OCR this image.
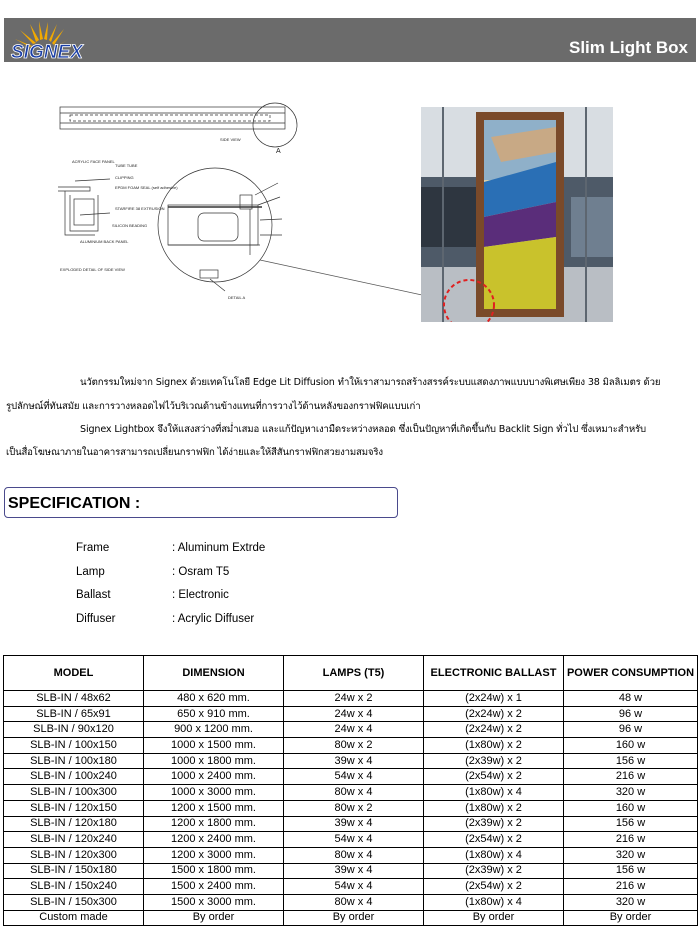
SIGNEX	Slim Light Box
SIDE VIEW
A
ACRYLIC FACE PANEL
TUBE TUBE
CLIPPING
EPDM FOAM SEAL (self adhesive)
STARFIRE 38 EXTRUSION
SILICON BEADING
ALUMINIUM BACK PANEL
EXPLODED DETAIL OF SIDE VIEW
DETAIL A
นวัตกรรมใหม่จาก Signex ด้วยเทคโนโลยี Edge Lit Diffusion ทำให้เราสามารถสร้างสรรค์ระบบแสดงภาพแบบบางพิเศษเพียง 38 มิลลิเมตร ด้วย
รูปลักษณ์ที่ทันสมัย และการวางหลอดไฟไว้บริเวณด้านข้างแทนที่การวางไว้ด้านหลังของกราฟฟิคแบบเก่า
Signex Lightbox จึงให้แสงสว่างที่สม่ำเสมอ และแก้ปัญหาเงามืดระหว่างหลอด ซึ่งเป็นปัญหาที่เกิดขึ้นกับ Backlit Sign ทั่วไป ซึ่งเหมาะสำหรับ
เป็นสื่อโฆษณาภายในอาคารสามารถเปลี่ยนกราฟฟิก ได้ง่ายและให้สีสันกราฟฟิกสวยงามสมจริง
SPECIFICATION :
Frame	: Aluminum Extrde
Lamp	: Osram T5
Ballast	: Electronic
Diffuser	: Acrylic Diffuser
MODEL	DIMENSION	LAMPS (T5)	ELECTRONIC BALLAST	POWER CONSUMPTION
SLB-IN / 48x62	480 x 620 mm.	24w x 2	(2x24w) x 1	48 w
SLB-IN / 65x91	650 x 910 mm.	24w x 4	(2x24w) x 2	96 w
SLB-IN / 90x120	900 x 1200 mm.	24w x 4	(2x24w) x 2	96 w
SLB-IN / 100x150	1000 x 1500 mm.	80w x 2	(1x80w) x 2	160 w
SLB-IN / 100x180	1000 x 1800 mm.	39w x 4	(2x39w) x 2	156 w
SLB-IN / 100x240	1000 x 2400 mm.	54w x 4	(2x54w) x 2	216 w
SLB-IN / 100x300	1000 x 3000 mm.	80w x 4	(1x80w) x 4	320 w
SLB-IN / 120x150	1200 x 1500 mm.	80w x 2	(1x80w) x 2	160 w
SLB-IN / 120x180	1200 x 1800 mm.	39w x 4	(2x39w) x 2	156 w
SLB-IN / 120x240	1200 x 2400 mm.	54w x 4	(2x54w) x 2	216 w
SLB-IN / 120x300	1200 x 3000 mm.	80w x 4	(1x80w) x 4	320 w
SLB-IN / 150x180	1500 x 1800 mm.	39w x 4	(2x39w) x 2	156 w
SLB-IN / 150x240	1500 x 2400 mm.	54w x 4	(2x54w) x 2	216 w
SLB-IN / 150x300	1500 x 3000 mm.	80w x 4	(1x80w) x 4	320 w
Custom made	By order	By order	By order	By order
